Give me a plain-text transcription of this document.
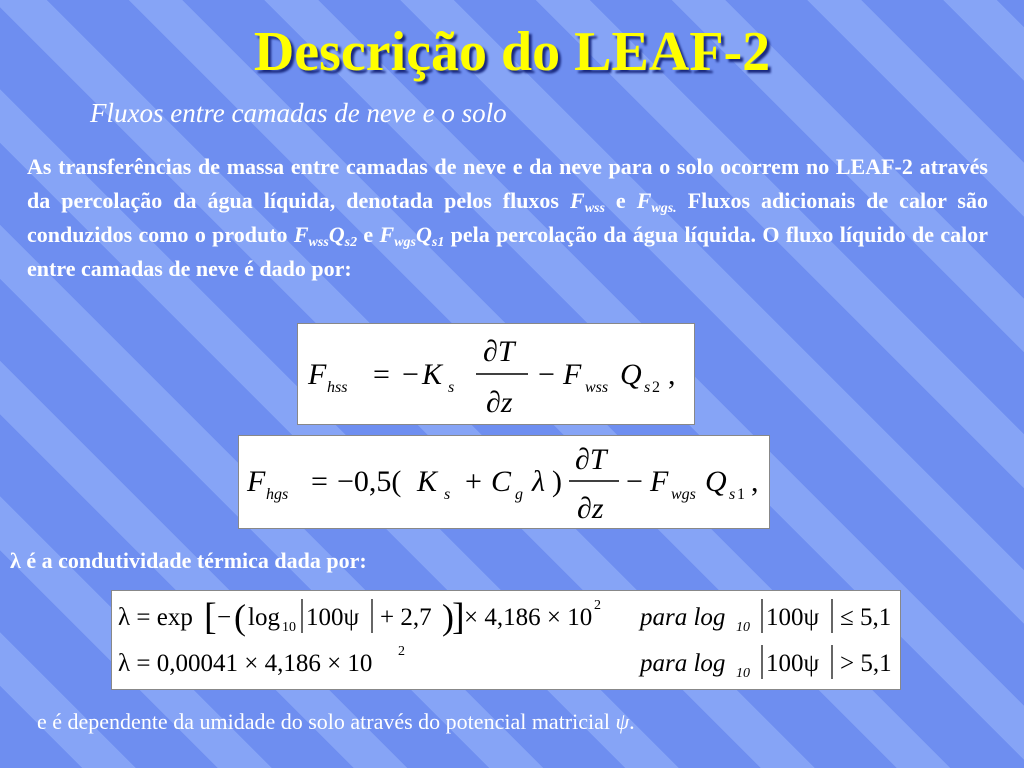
Descrição do LEAF-2
Fluxos entre camadas de neve e o solo
As transferências de massa entre camadas de neve e da neve para o solo ocorrem no LEAF-2 através da percolação da água líquida, denotada pelos fluxos $F_{wss}$ e $F_{wgs.}$ Fluxos adicionais de calor são conduzidos como o produto $F_{wss}Q_{s2}$ e $F_{wgs}Q_{s1}$ pela percolação da água líquida. O fluxo líquido de calor entre camadas de neve é dado por:
F hss = − K s
∂T
∂z
− F wss Q s 2 ,
F hgs = −0,5( K s + C g λ )
∂T
∂z
− F wgs Q s 1 ,
λ é a condutividade térmica dada por:
λ = exp [ − ( log 10 100ψ + 2,7 )
] × 4,186 × 10 2 para log 10 100ψ ≤ 5,1
λ = 0,00041 × 4,186 × 10 2	para log 10 100ψ > 5,1
e é dependente da umidade do solo através do potencial matricial ψ.
